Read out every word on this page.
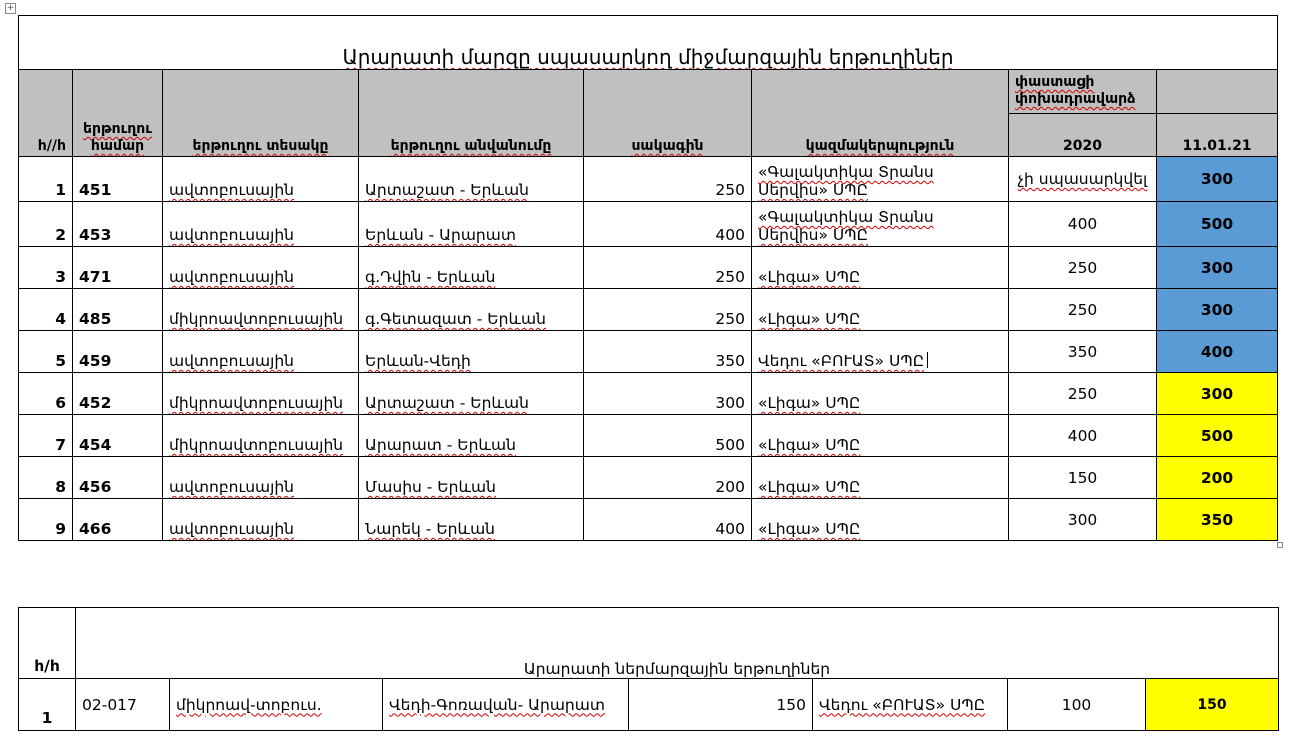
+
Արարատի մարզը սպասարկող միջմարզային երթուղիներ							
հ//հ	երթուղու համար	երթուղու տեսակը	երթուղու անվանումը	սակագին	կազմակերպություն	փաստացի փոխադրավարձ	
						2020	11.01.21
1	451	ավտոբուսային	Արտաշատ - Երևան	250	«Գալակտիկա Տրանս Սերվիս» ՍՊԸ	չի սպասարկվել	300
2	453	ավտոբուսային	Երևան - Արարատ	400	«Գալակտիկա Տրանս Սերվիս» ՍՊԸ	400	500
3	471	ավտոբուսային	գ.Դվին - Երևան	250	«Լիգա» ՍՊԸ	250	300
4	485	միկրոավտոբուսային	գ.Գետազատ - Երևան	250	«Լիգա» ՍՊԸ	250	300
5	459	ավտոբուսային	Երևան-Վեդի	350	Վեդու «ԲՈՒԱՏ» ՍՊԸ	350	400
6	452	միկրոավտոբուսային	Արտաշատ - Երևան	300	«Լիգա» ՍՊԸ	250	300
7	454	միկրոավտոբուսային	Արարատ - Երևան	500	«Լիգա» ՍՊԸ	400	500
8	456	ավտոբուսային	Մասիս - Երևան	200	«Լիգա» ՍՊԸ	150	200
9	466	ավտոբուսային	Նարեկ - Երևան	400	«Լիգա» ՍՊԸ	300	350
հ/հ	Արարատի ներմարզային երթուղիներ						
1	02-017	միկրոավ-տոբուս.	Վեդի-Գոռավան- Արարատ	150	Վեդու «ԲՈՒԱՏ» ՍՊԸ	100	150
